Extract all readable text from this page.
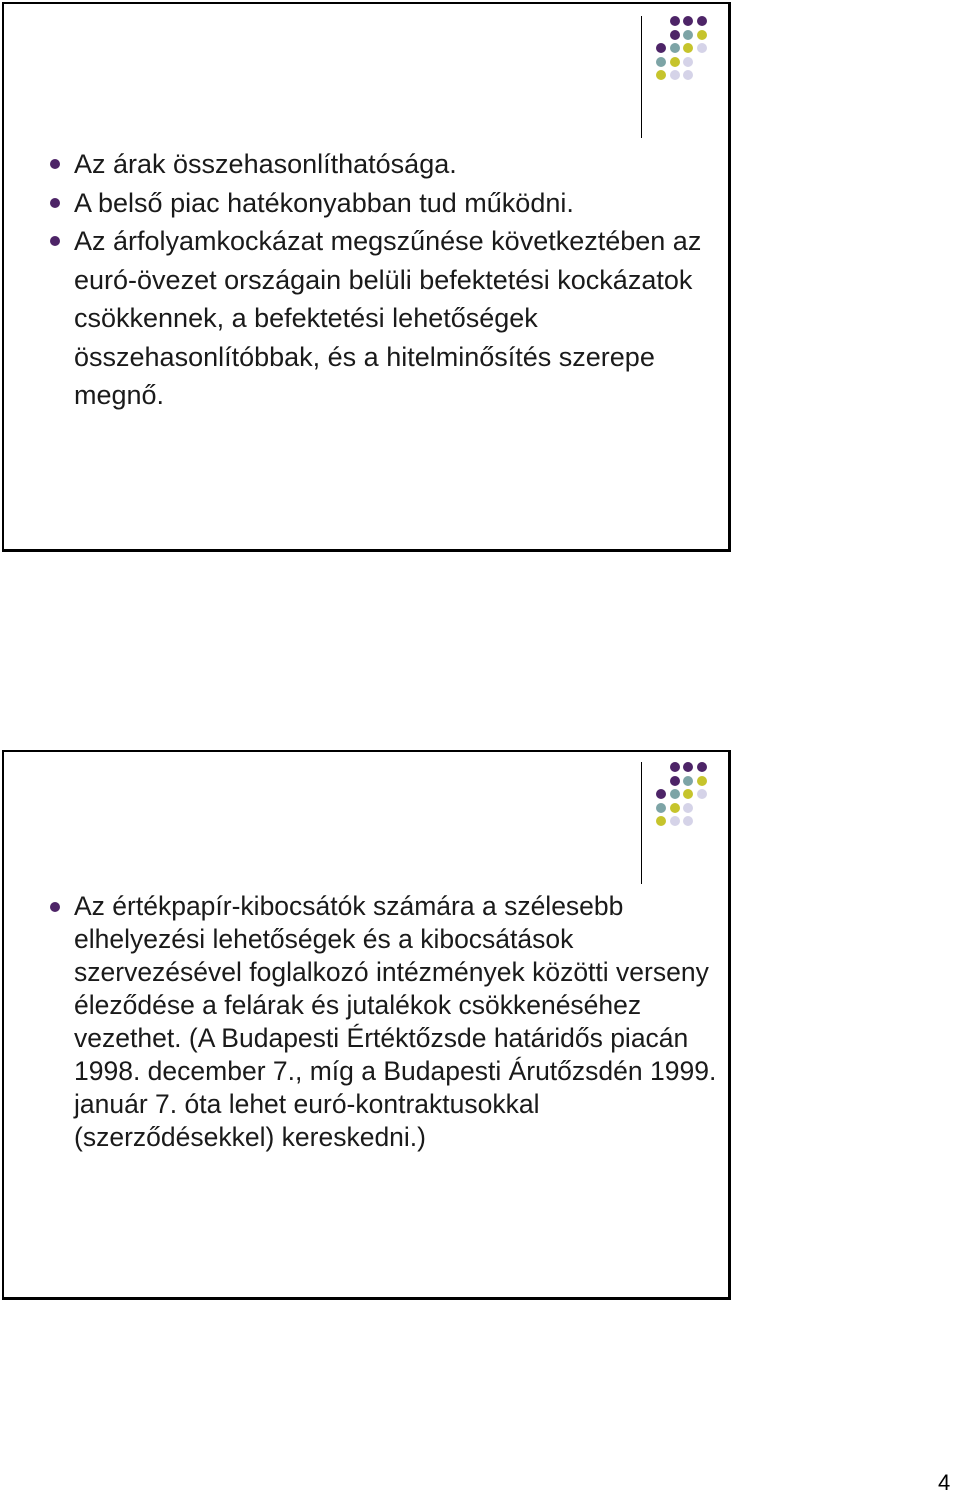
Az árak összehasonlíthatósága.
A belső piac hatékonyabban tud működni.
Az árfolyamkockázat megszűnése következtében az euró-övezet országain belüli befektetési kockázatok csökkennek, a befektetési lehetőségek összehasonlítóbbak, és a hitelminősítés szerepe megnő.
Az értékpapír-kibocsátók számára a szélesebb elhelyezési lehetőségek és a kibocsátások szervezésével foglalkozó intézmények közötti verseny éleződése a felárak és jutalékok csökkenéséhez vezethet. (A Budapesti Értéktőzsde határidős piacán 1998. december 7., míg a Budapesti Árutőzsdén 1999. január 7. óta lehet euró-kontraktusokkal (szerződésekkel) kereskedni.)
4
